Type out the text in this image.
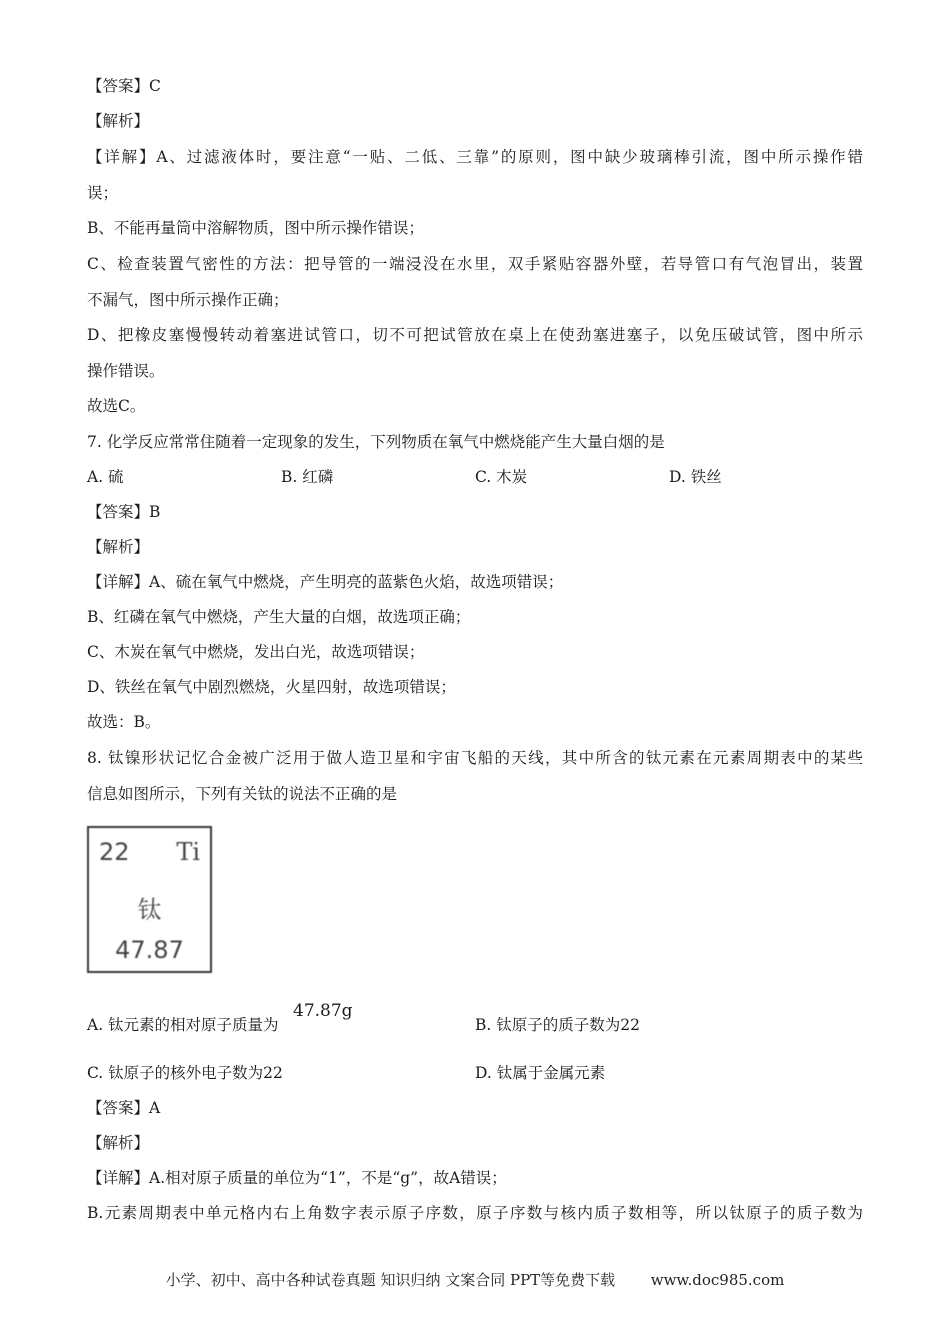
【答案】C
【解析】
【详解】A、过滤液体时，要注意“一贴、二低、三靠”的原则，图中缺少玻璃棒引流，图中所示操作错
误；
B、不能再量筒中溶解物质，图中所示操作错误；
C、检查装置气密性的方法：把导管的一端浸没在水里，双手紧贴容器外壁，若导管口有气泡冒出，装置
不漏气，图中所示操作正确；
D、把橡皮塞慢慢转动着塞进试管口，切不可把试管放在桌上在使劲塞进塞子，以免压破试管，图中所示
操作错误。
故选C。
7. 化学反应常常住随着一定现象的发生，下列物质在氧气中燃烧能产生大量白烟的是
A. 硫	B. 红磷	C. 木炭	D. 铁丝
【答案】B
【解析】
【详解】A、硫在氧气中燃烧，产生明亮的蓝紫色火焰，故选项错误；
B、红磷在氧气中燃烧，产生大量的白烟，故选项正确；
C、木炭在氧气中燃烧，发出白光，故选项错误；
D、铁丝在氧气中剧烈燃烧，火星四射，故选项错误；
故选：B。
8. 钛镍形状记忆合金被广泛用于做人造卫星和宇宙飞船的天线，其中所含的钛元素在元素周期表中的某些
信息如图所示，下列有关钛的说法不正确的是
22 Ti
钛
47.87
A. 钛元素的相对原子质量为
47.87g
B. 钛原子的质子数为22
C. 钛原子的核外电子数为22	D. 钛属于金属元素
【答案】A
【解析】
【详解】A.相对原子质量的单位为“1”，不是“g”，故A错误；
B.元素周期表中单元格内右上角数字表示原子序数，原子序数与核内质子数相等，所以钛原子的质子数为
小学、初中、高中各种试卷真题 知识归纳 文案合同 PPT等免费下载 www.doc985.com
